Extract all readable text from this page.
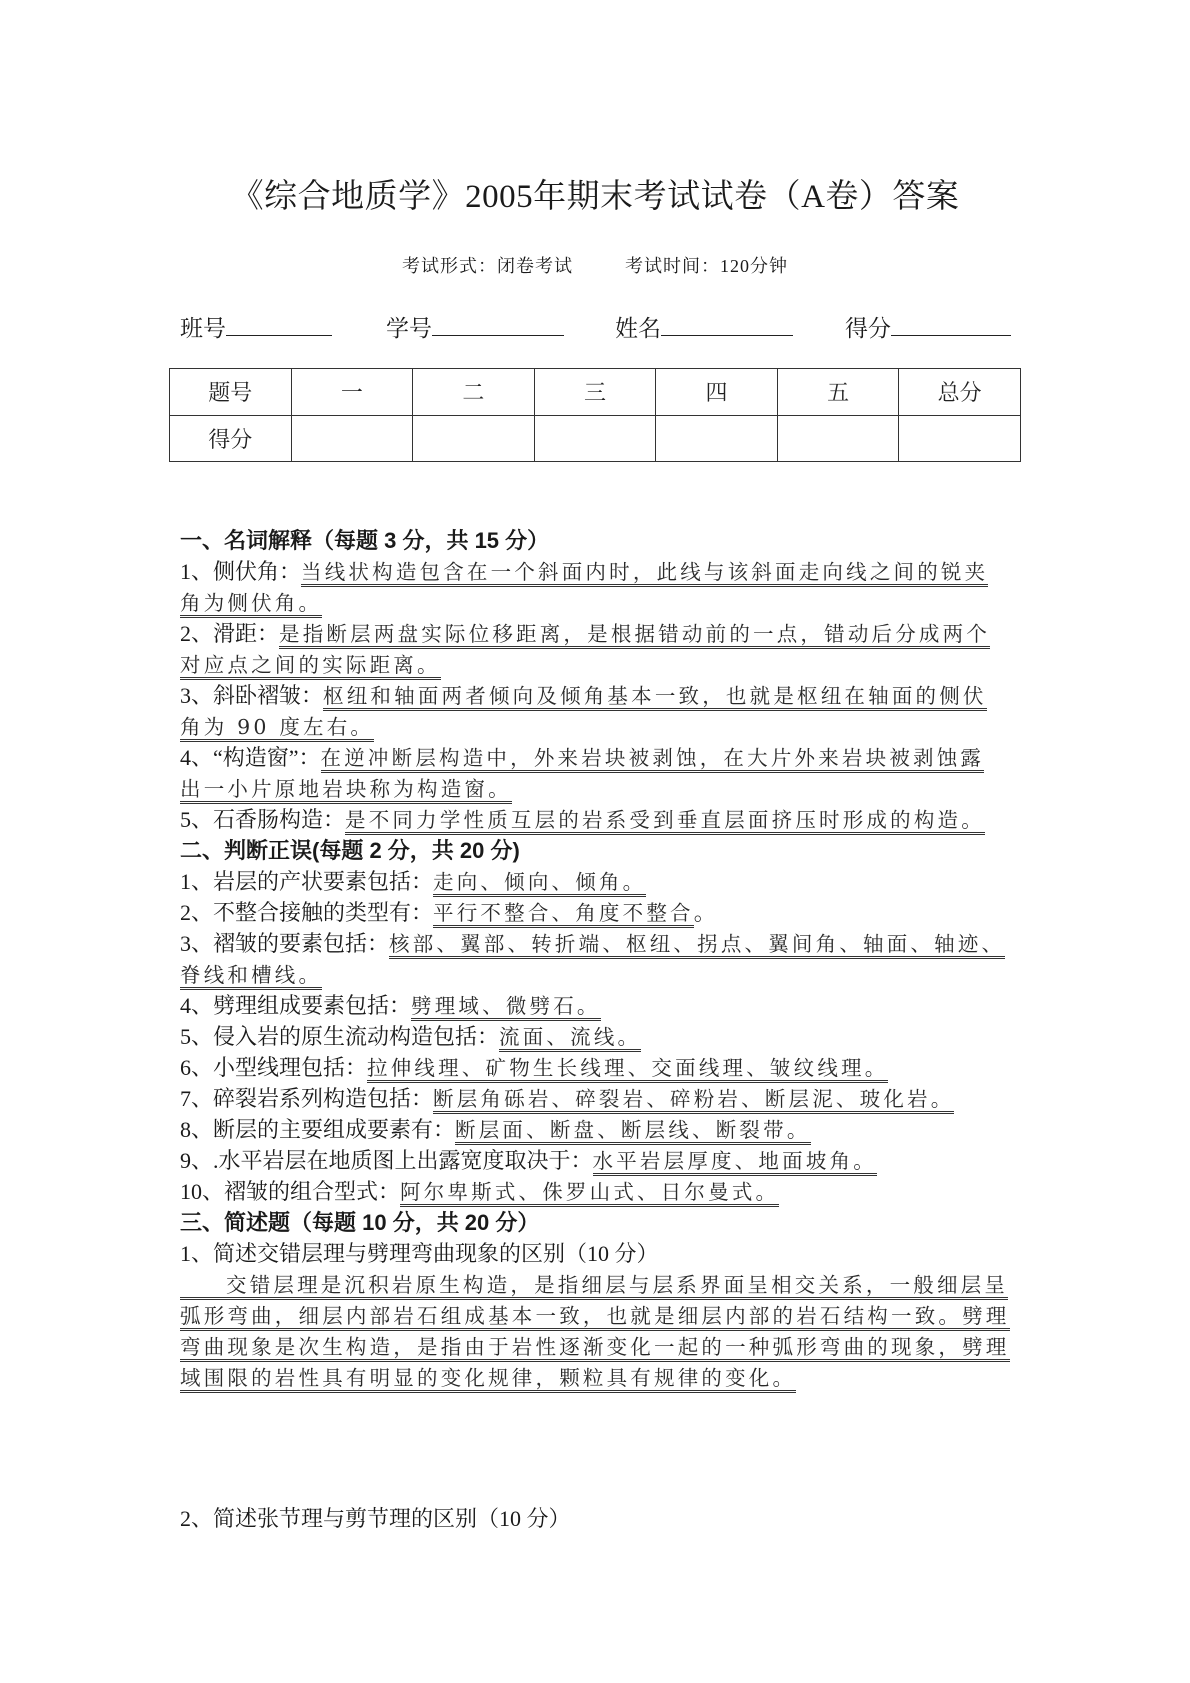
《综合地质学》2005年期末考试试卷（A卷）答案
考试形式：闭卷考试	考试时间：120分钟
班号	学号	姓名	得分
题号	一	二	三	四	五	总分
得分						
一、名词解释（每题 3 分，共 15 分）
1、侧伏角：当线状构造包含在一个斜面内时，此线与该斜面走向线之间的锐夹
角为侧伏角。
2、滑距：是指断层两盘实际位移距离，是根据错动前的一点，错动后分成两个
对应点之间的实际距离。
3、斜卧褶皱：枢纽和轴面两者倾向及倾角基本一致，也就是枢纽在轴面的侧伏
角为 90 度左右。
4、“构造窗”：在逆冲断层构造中，外来岩块被剥蚀，在大片外来岩块被剥蚀露
出一小片原地岩块称为构造窗。
5、石香肠构造：是不同力学性质互层的岩系受到垂直层面挤压时形成的构造。
二、判断正误(每题 2 分，共 20 分)
1、岩层的产状要素包括：走向、倾向、倾角。
2、不整合接触的类型有：平行不整合、角度不整合。
3、褶皱的要素包括：核部、翼部、转折端、枢纽、拐点、翼间角、轴面、轴迹、
脊线和槽线。
4、劈理组成要素包括：劈理域、微劈石。
5、侵入岩的原生流动构造包括：流面、流线。
6、小型线理包括：拉伸线理、矿物生长线理、交面线理、皱纹线理。
7、碎裂岩系列构造包括：断层角砾岩、碎裂岩、碎粉岩、断层泥、玻化岩。
8、断层的主要组成要素有：断层面、断盘、断层线、断裂带。
9、.水平岩层在地质图上出露宽度取决于：水平岩层厚度、地面坡角。
10、褶皱的组合型式：阿尔卑斯式、侏罗山式、日尔曼式。
三、简述题（每题 10 分，共 20 分）
1、简述交错层理与劈理弯曲现象的区别（10 分）
交错层理是沉积岩原生构造，是指细层与层系界面呈相交关系，一般细层呈
弧形弯曲，细层内部岩石组成基本一致，也就是细层内部的岩石结构一致。劈理
弯曲现象是次生构造，是指由于岩性逐渐变化一起的一种弧形弯曲的现象，劈理
域围限的岩性具有明显的变化规律，颗粒具有规律的变化。
2、简述张节理与剪节理的区别（10 分）
